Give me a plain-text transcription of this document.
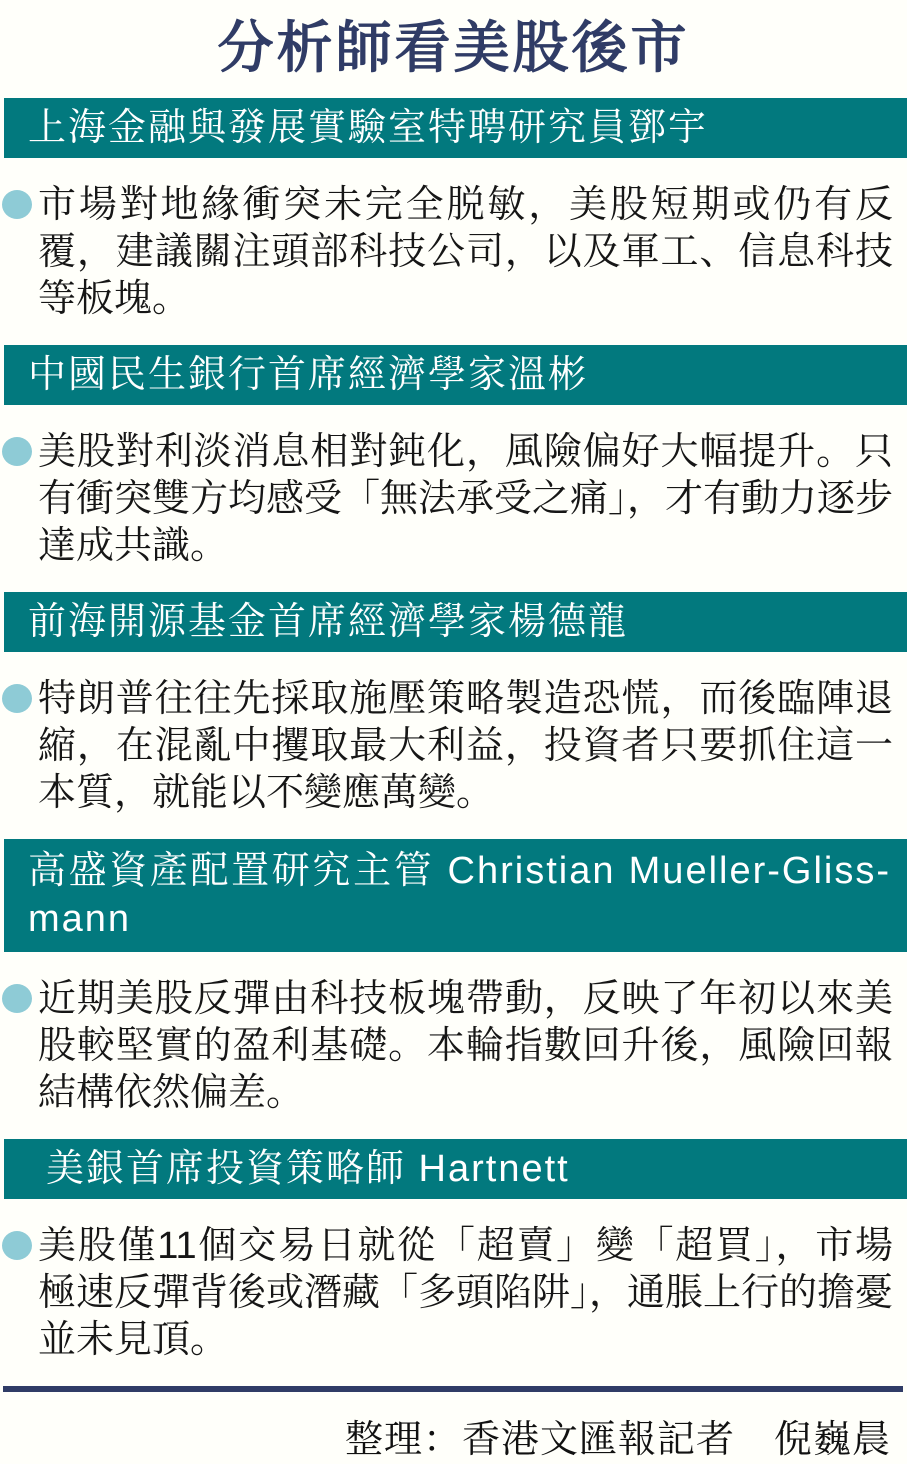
分析師看美股後市
上海金融與發展實驗室特聘研究員鄧宇

市場對地緣衝突未完全脱敏，美股短期或仍有反覆，建議關注頭部科技公司，以及軍工、信息科技等板塊。

中國民生銀行首席經濟學家溫彬

美股對利淡消息相對鈍化，風險偏好大幅提升。只有衝突雙方均感受「無法承受之痛」，才有動力逐步達成共識。

前海開源基金首席經濟學家楊德龍

特朗普往往先採取施壓策略製造恐慌，而後臨陣退縮，在混亂中攫取最大利益，投資者只要抓住這一本質，就能以不變應萬變。

高盛資產配置研究主管 Christian Mueller-Gliss-
mann

近期美股反彈由科技板塊帶動，反映了年初以來美股較堅實的盈利基礎。本輪指數回升後，風險回報結構依然偏差。

美銀首席投資策略師 Hartnett

美股僅11個交易日就從「超賣」變「超買」，市場極速反彈背後或潛藏「多頭陷阱」，通脹上行的擔憂並未見頂。

整理：香港文匯報記者　倪巍晨
